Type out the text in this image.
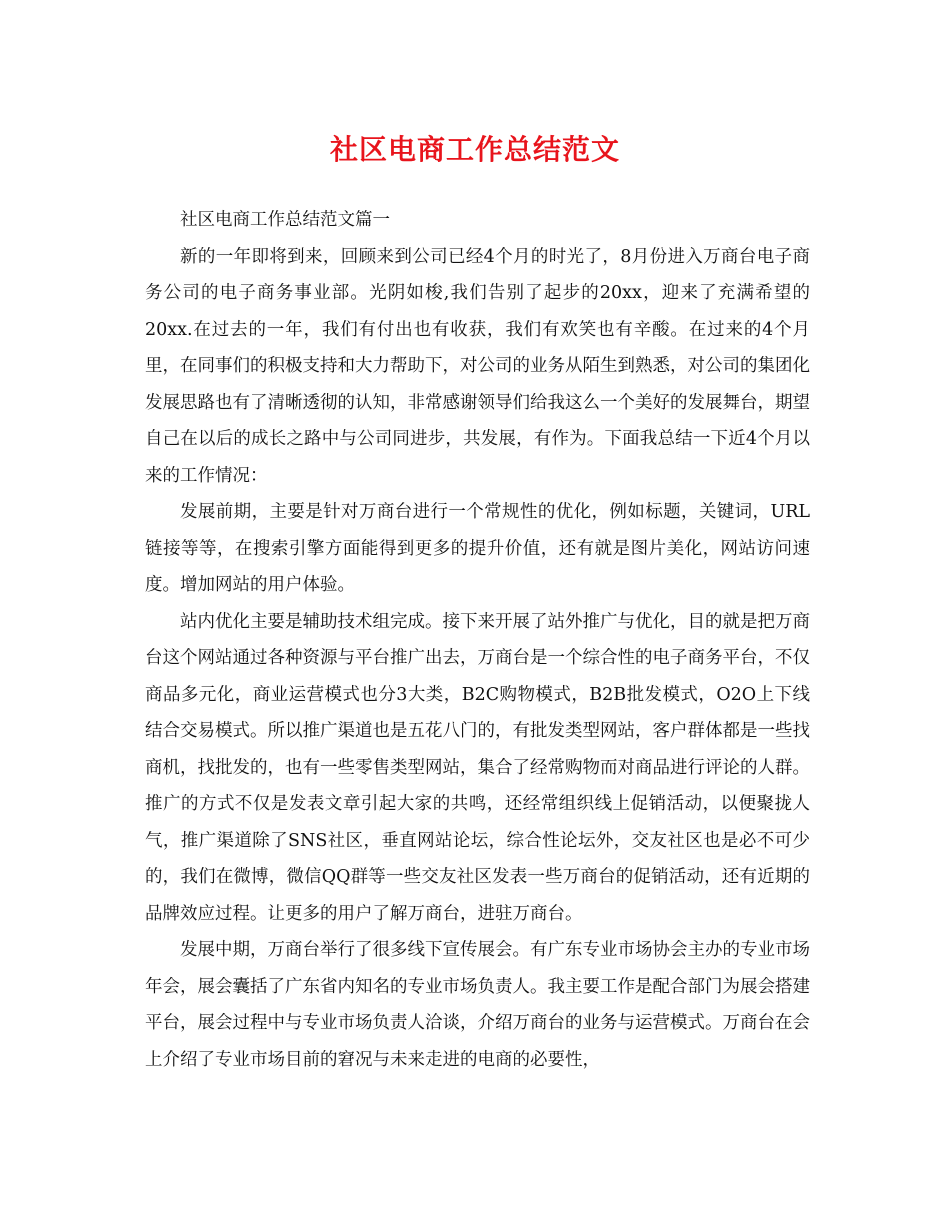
社区电商工作总结范文

社区电商工作总结范文篇一

新的一年即将到来，回顾来到公司已经4个月的时光了，8月份进入万商台电子商务公司的电子商务事业部。光阴如梭,我们告别了起步的20xx，迎来了充满希望的20xx.在过去的一年，我们有付出也有收获，我们有欢笑也有辛酸。在过来的4个月里，在同事们的积极支持和大力帮助下，对公司的业务从陌生到熟悉，对公司的集团化发展思路也有了清晰透彻的认知，非常感谢领导们给我这么一个美好的发展舞台，期望自己在以后的成长之路中与公司同进步，共发展，有作为。下面我总结一下近4个月以来的工作情况：

发展前期，主要是针对万商台进行一个常规性的优化，例如标题，关键词，URL链接等等，在搜索引擎方面能得到更多的提升价值，还有就是图片美化，网站访问速度。增加网站的用户体验。

站内优化主要是辅助技术组完成。接下来开展了站外推广与优化，目的就是把万商台这个网站通过各种资源与平台推广出去，万商台是一个综合性的电子商务平台，不仅商品多元化，商业运营模式也分3大类，B2C购物模式，B2B批发模式，O2O上下线结合交易模式。所以推广渠道也是五花八门的，有批发类型网站，客户群体都是一些找商机，找批发的，也有一些零售类型网站，集合了经常购物而对商品进行评论的人群。推广的方式不仅是发表文章引起大家的共鸣，还经常组织线上促销活动，以便聚拢人气，推广渠道除了SNS社区，垂直网站论坛，综合性论坛外，交友社区也是必不可少的，我们在微博，微信QQ群等一些交友社区发表一些万商台的促销活动，还有近期的品牌效应过程。让更多的用户了解万商台，进驻万商台。

发展中期，万商台举行了很多线下宣传展会。有广东专业市场协会主办的专业市场年会，展会囊括了广东省内知名的专业市场负责人。我主要工作是配合部门为展会搭建平台，展会过程中与专业市场负责人洽谈，介绍万商台的业务与运营模式。万商台在会上介绍了专业市场目前的窘况与未来走进的电商的必要性，
